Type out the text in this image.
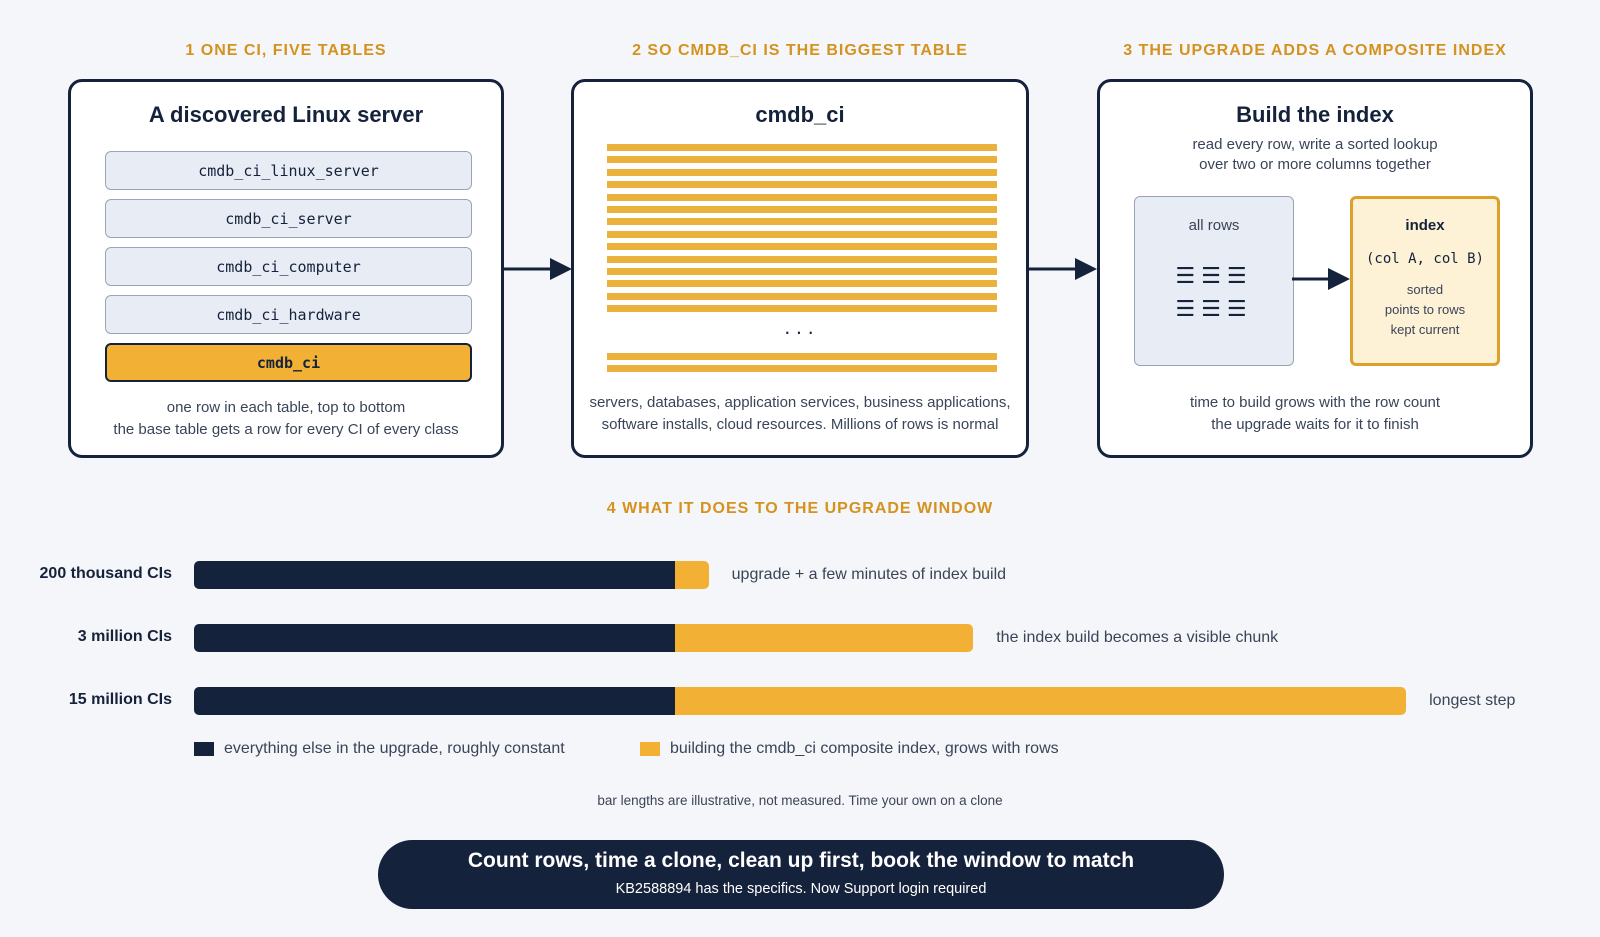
1 ONE CI, FIVE TABLES	2 SO CMDB_CI IS THE BIGGEST TABLE	3 THE UPGRADE ADDS A COMPOSITE INDEX
A discovered Linux server
cmdb_ci_linux_server
cmdb_ci_server
cmdb_ci_computer
cmdb_ci_hardware
cmdb_ci
one row in each table, top to bottom
the base table gets a row for every CI of every class
cmdb_ci
...
servers, databases, application services, business applications,
software installs, cloud resources. Millions of rows is normal
Build the index
read every row, write a sorted lookup
over two or more columns together
all rows
☰☰☰
☰☰☰
index
(col A, col B)
sorted
points to rows
kept current
time to build grows with the row count
the upgrade waits for it to finish
4 WHAT IT DOES TO THE UPGRADE WINDOW
200 thousand CIs	upgrade + a few minutes of index build
3 million CIs	the index build becomes a visible chunk
15 million CIs	longest step
everything else in the upgrade, roughly constant	building the cmdb_ci composite index, grows with rows
bar lengths are illustrative, not measured. Time your own on a clone
Count rows, time a clone, clean up first, book the window to match
KB2588894 has the specifics. Now Support login required
